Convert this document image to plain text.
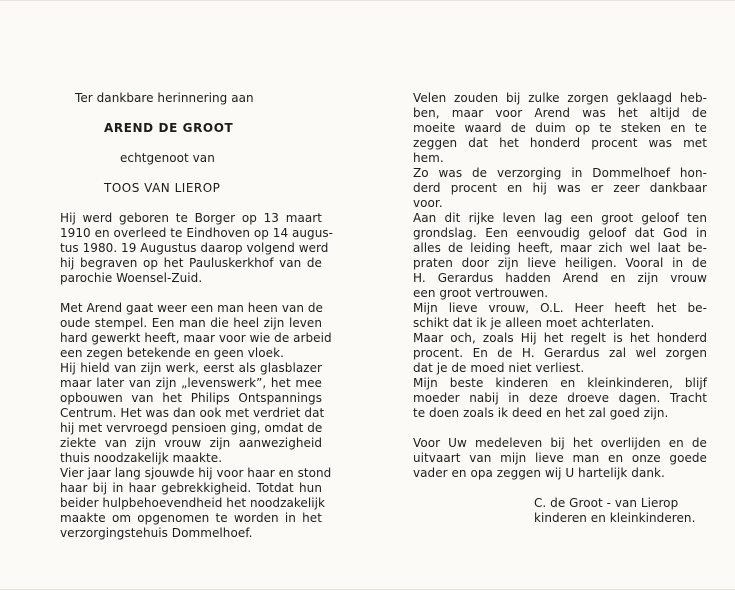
Ter dankbare herinnering aan
AREND DE GROOT
echtgenoot van
TOOS VAN LIEROP
Hij werd geboren te Borger op 13 maart
1910 en overleed te Eindhoven op 14 augus-
tus 1980. 19 Augustus daarop volgend werd
hij begraven op het Pauluskerkhof van de
parochie Woensel-Zuid.
Met Arend gaat weer een man heen van de
oude stempel. Een man die heel zijn leven
hard gewerkt heeft, maar voor wie de arbeid
een zegen betekende en geen vloek.
Hij hield van zijn werk, eerst als glasblazer
maar later van zijn „levenswerk”, het mee
opbouwen van het Philips Ontspannings
Centrum. Het was dan ook met verdriet dat
hij met vervroegd pensioen ging, omdat de
ziekte van zijn vrouw zijn aanwezigheid
thuis noodzakelijk maakte.
Vier jaar lang sjouwde hij voor haar en stond
haar bij in haar gebrekkigheid. Totdat hun
beider hulpbehoevendheid het noodzakelijk
maakte om opgenomen te worden in het
verzorgingstehuis Dommelhoef.
Velen zouden bij zulke zorgen geklaagd heb-
ben, maar voor Arend was het altijd de
moeite waard de duim op te steken en te
zeggen dat het honderd procent was met
hem.
Zo was de verzorging in Dommelhoef hon-
derd procent en hij was er zeer dankbaar
voor.
Aan dit rijke leven lag een groot geloof ten
grondslag. Een eenvoudig geloof dat God in
alles de leiding heeft, maar zich wel laat be-
praten door zijn lieve heiligen. Vooral in de
H. Gerardus hadden Arend en zijn vrouw
een groot vertrouwen.
Mijn lieve vrouw, O.L. Heer heeft het be-
schikt dat ik je alleen moet achterlaten.
Maar och, zoals Hij het regelt is het honderd
procent. En de H. Gerardus zal wel zorgen
dat je de moed niet verliest.
Mijn beste kinderen en kleinkinderen, blijf
moeder nabij in deze droeve dagen. Tracht
te doen zoals ik deed en het zal goed zijn.
Voor Uw medeleven bij het overlijden en de
uitvaart van mijn lieve man en onze goede
vader en opa zeggen wij U hartelijk dank.
C. de Groot - van Lierop
kinderen en kleinkinderen.
